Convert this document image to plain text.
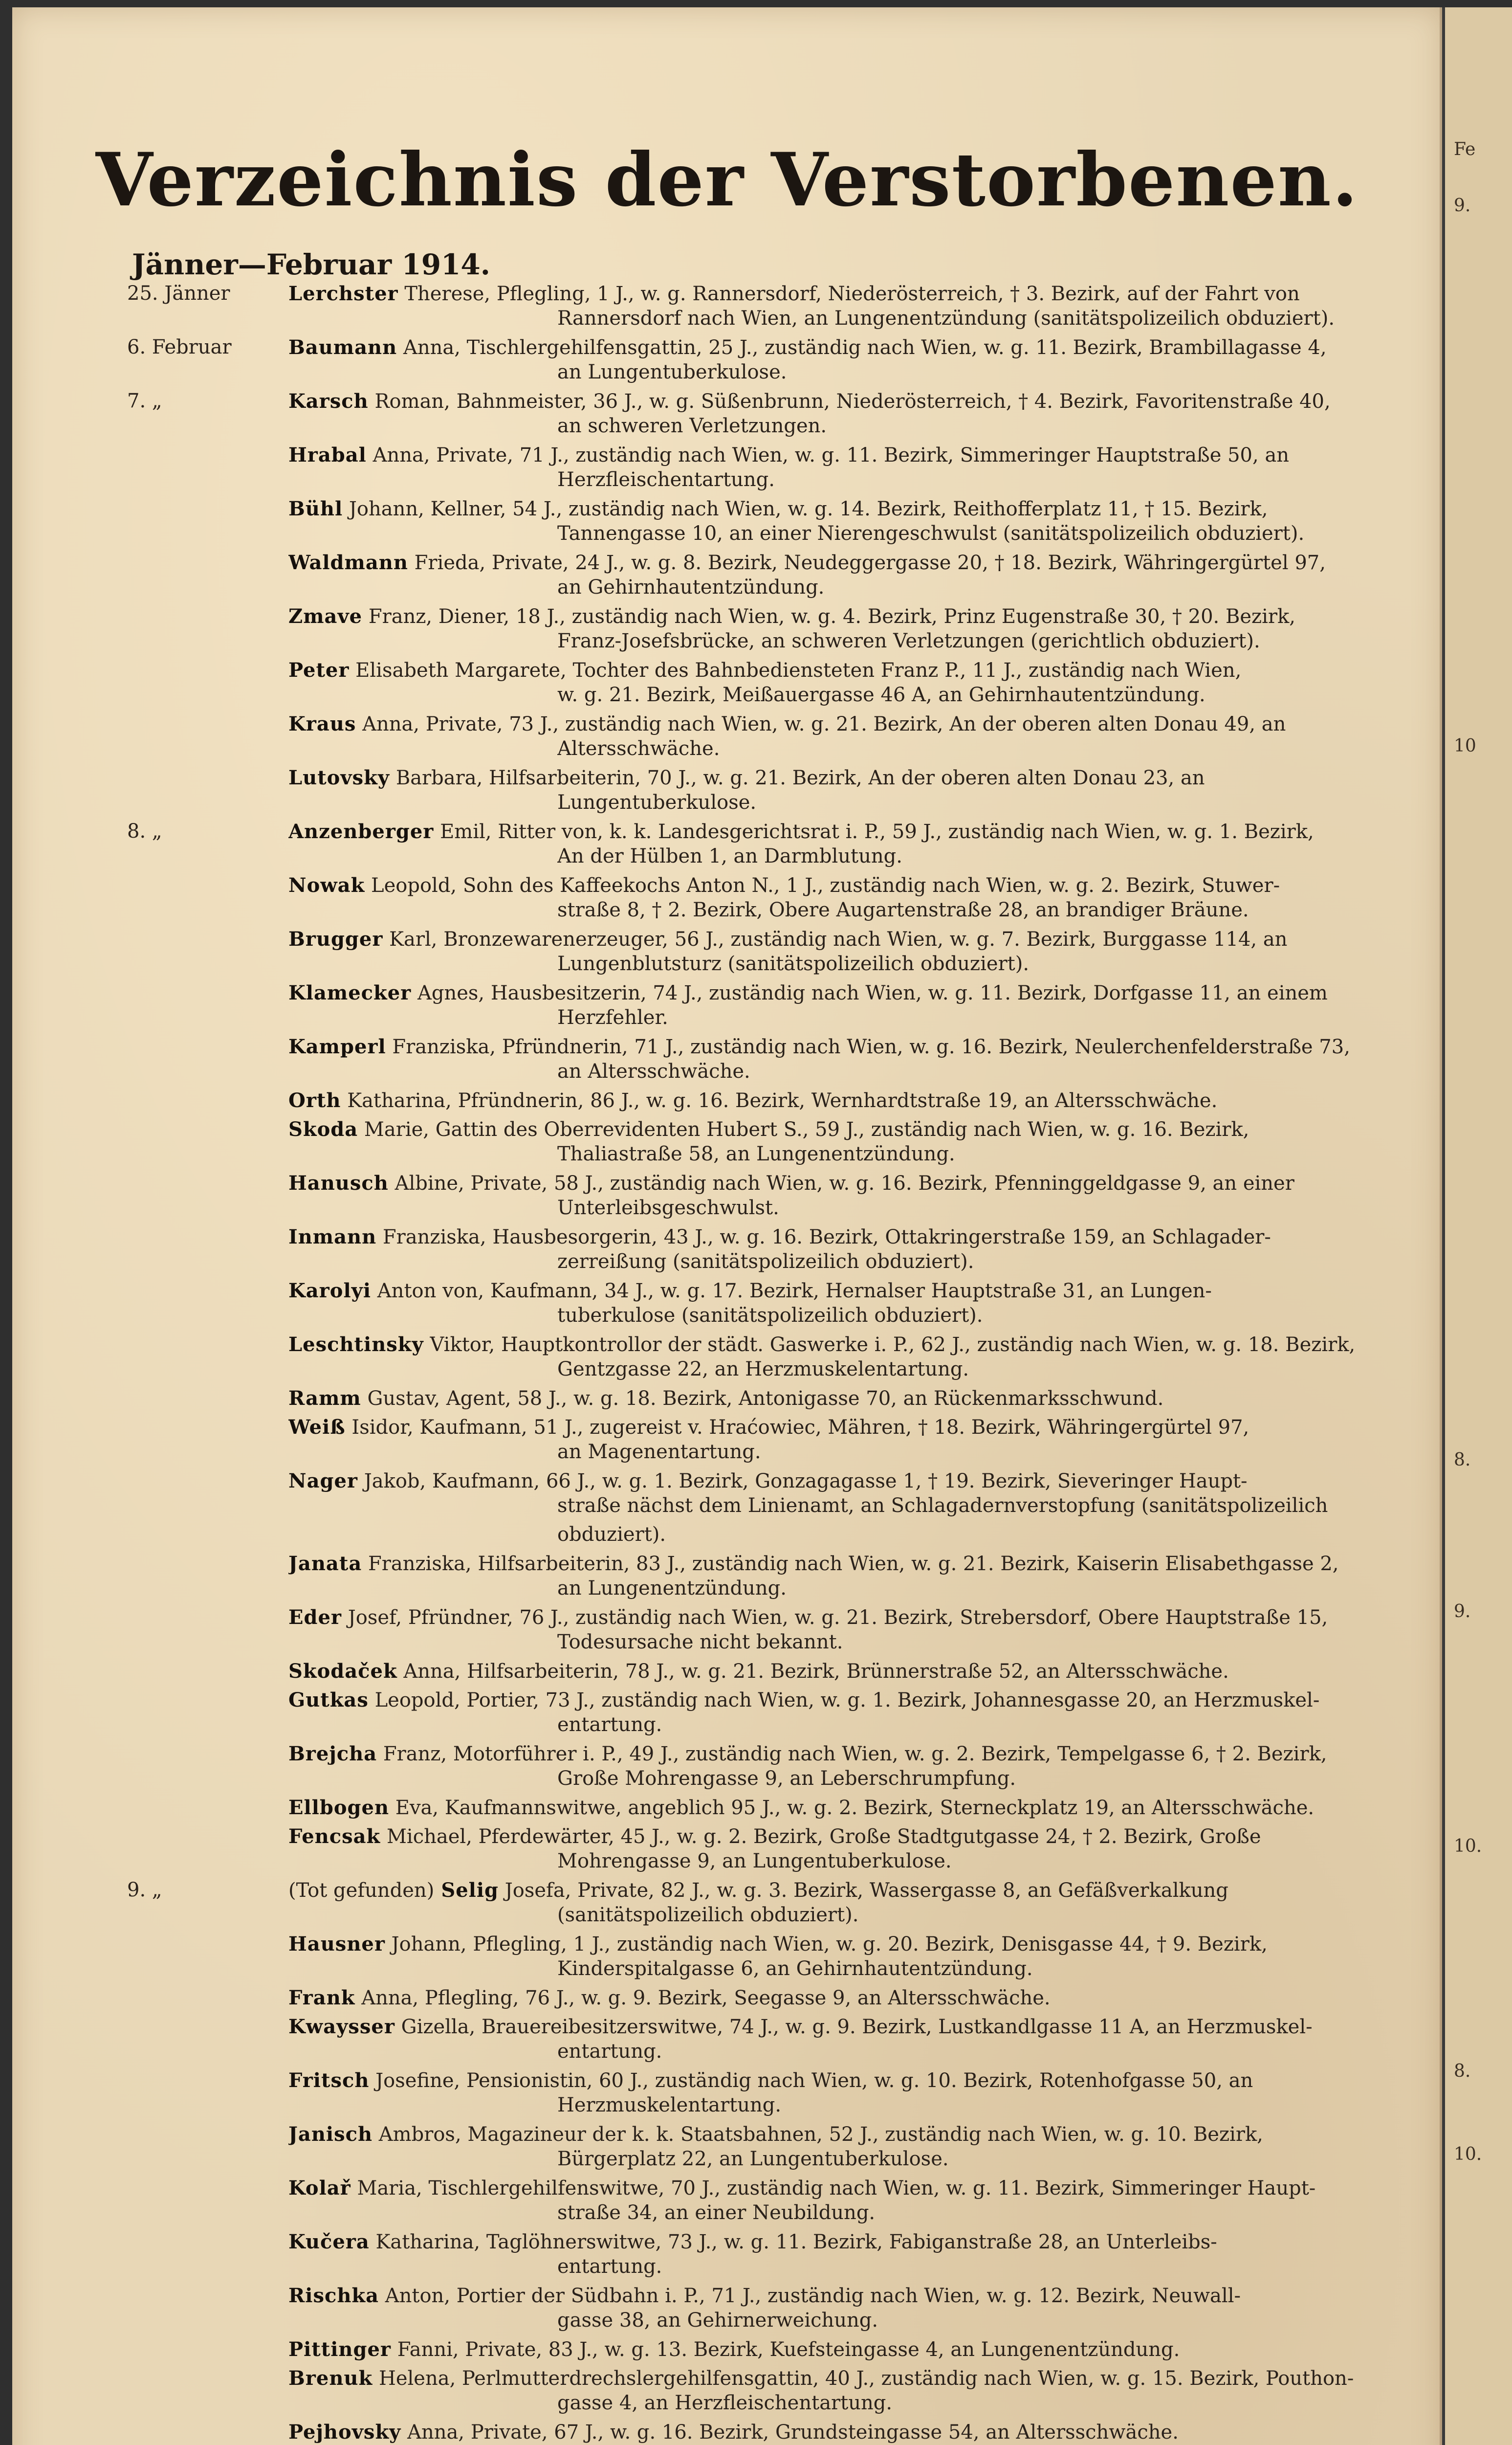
Verzeichnis der Verstorbenen.
Jänner—Februar 1914.
25. Jänner	Lerchster Therese, Pflegling, 1 J., w. g. Rannersdorf, Niederösterreich, † 3. Bezirk, auf der Fahrt von
Rannersdorf nach Wien, an Lungenentzündung (sanitätspolizeilich obduziert).
6. Februar	Baumann Anna, Tischlergehilfensgattin, 25 J., zuständig nach Wien, w. g. 11. Bezirk, Brambillagasse 4,
an Lungentuberkulose.
7. „	Karsch Roman, Bahnmeister, 36 J., w. g. Süßenbrunn, Niederösterreich, † 4. Bezirk, Favoritenstraße 40,
an schweren Verletzungen.
Hrabal Anna, Private, 71 J., zuständig nach Wien, w. g. 11. Bezirk, Simmeringer Hauptstraße 50, an
Herzfleischentartung.
Bühl Johann, Kellner, 54 J., zuständig nach Wien, w. g. 14. Bezirk, Reithofferplatz 11, † 15. Bezirk,
Tannengasse 10, an einer Nierengeschwulst (sanitätspolizeilich obduziert).
Waldmann Frieda, Private, 24 J., w. g. 8. Bezirk, Neudeggergasse 20, † 18. Bezirk, Währingergürtel 97,
an Gehirnhautentzündung.
Zmave Franz, Diener, 18 J., zuständig nach Wien, w. g. 4. Bezirk, Prinz Eugenstraße 30, † 20. Bezirk,
Franz-Josefsbrücke, an schweren Verletzungen (gerichtlich obduziert).
Peter Elisabeth Margarete, Tochter des Bahnbediensteten Franz P., 11 J., zuständig nach Wien,
w. g. 21. Bezirk, Meißauergasse 46 A, an Gehirnhautentzündung.
Kraus Anna, Private, 73 J., zuständig nach Wien, w. g. 21. Bezirk, An der oberen alten Donau 49, an
Altersschwäche.
Lutovsky Barbara, Hilfsarbeiterin, 70 J., w. g. 21. Bezirk, An der oberen alten Donau 23, an
Lungentuberkulose.
8. „	Anzenberger Emil, Ritter von, k. k. Landesgerichtsrat i. P., 59 J., zuständig nach Wien, w. g. 1. Bezirk,
An der Hülben 1, an Darmblutung.
Nowak Leopold, Sohn des Kaffeekochs Anton N., 1 J., zuständig nach Wien, w. g. 2. Bezirk, Stuwer-
straße 8, † 2. Bezirk, Obere Augartenstraße 28, an brandiger Bräune.
Brugger Karl, Bronzewarenerzeuger, 56 J., zuständig nach Wien, w. g. 7. Bezirk, Burggasse 114, an
Lungenblutsturz (sanitätspolizeilich obduziert).
Klamecker Agnes, Hausbesitzerin, 74 J., zuständig nach Wien, w. g. 11. Bezirk, Dorfgasse 11, an einem
Herzfehler.
Kamperl Franziska, Pfründnerin, 71 J., zuständig nach Wien, w. g. 16. Bezirk, Neulerchenfelderstraße 73,
an Altersschwäche.
Orth Katharina, Pfründnerin, 86 J., w. g. 16. Bezirk, Wernhardtstraße 19, an Altersschwäche.
Skoda Marie, Gattin des Oberrevidenten Hubert S., 59 J., zuständig nach Wien, w. g. 16. Bezirk,
Thaliastraße 58, an Lungenentzündung.
Hanusch Albine, Private, 58 J., zuständig nach Wien, w. g. 16. Bezirk, Pfenninggeldgasse 9, an einer
Unterleibsgeschwulst.
Inmann Franziska, Hausbesorgerin, 43 J., w. g. 16. Bezirk, Ottakringerstraße 159, an Schlagader-
zerreißung (sanitätspolizeilich obduziert).
Karolyi Anton von, Kaufmann, 34 J., w. g. 17. Bezirk, Hernalser Hauptstraße 31, an Lungen-
tuberkulose (sanitätspolizeilich obduziert).
Leschtinsky Viktor, Hauptkontrollor der städt. Gaswerke i. P., 62 J., zuständig nach Wien, w. g. 18. Bezirk,
Gentzgasse 22, an Herzmuskelentartung.
Ramm Gustav, Agent, 58 J., w. g. 18. Bezirk, Antonigasse 70, an Rückenmarksschwund.
Weiß Isidor, Kaufmann, 51 J., zugereist v. Hraćowiec, Mähren, † 18. Bezirk, Währingergürtel 97,
an Magenentartung.
Nager Jakob, Kaufmann, 66 J., w. g. 1. Bezirk, Gonzagagasse 1, † 19. Bezirk, Sieveringer Haupt-
straße nächst dem Linienamt, an Schlagadernverstopfung (sanitätspolizeilich
obduziert).
Janata Franziska, Hilfsarbeiterin, 83 J., zuständig nach Wien, w. g. 21. Bezirk, Kaiserin Elisabethgasse 2,
an Lungenentzündung.
Eder Josef, Pfründner, 76 J., zuständig nach Wien, w. g. 21. Bezirk, Strebersdorf, Obere Hauptstraße 15,
Todesursache nicht bekannt.
Skodaček Anna, Hilfsarbeiterin, 78 J., w. g. 21. Bezirk, Brünnerstraße 52, an Altersschwäche.
Gutkas Leopold, Portier, 73 J., zuständig nach Wien, w. g. 1. Bezirk, Johannesgasse 20, an Herzmuskel-
entartung.
Brejcha Franz, Motorführer i. P., 49 J., zuständig nach Wien, w. g. 2. Bezirk, Tempelgasse 6, † 2. Bezirk,
Große Mohrengasse 9, an Leberschrumpfung.
Ellbogen Eva, Kaufmannswitwe, angeblich 95 J., w. g. 2. Bezirk, Sterneckplatz 19, an Altersschwäche.
Fencsak Michael, Pferdewärter, 45 J., w. g. 2. Bezirk, Große Stadtgutgasse 24, † 2. Bezirk, Große
Mohrengasse 9, an Lungentuberkulose.
9. „	(Tot gefunden) Selig Josefa, Private, 82 J., w. g. 3. Bezirk, Wassergasse 8, an Gefäßverkalkung
(sanitätspolizeilich obduziert).
Hausner Johann, Pflegling, 1 J., zuständig nach Wien, w. g. 20. Bezirk, Denisgasse 44, † 9. Bezirk,
Kinderspitalgasse 6, an Gehirnhautentzündung.
Frank Anna, Pflegling, 76 J., w. g. 9. Bezirk, Seegasse 9, an Altersschwäche.
Kwaysser Gizella, Brauereibesitzerswitwe, 74 J., w. g. 9. Bezirk, Lustkandlgasse 11 A, an Herzmuskel-
entartung.
Fritsch Josefine, Pensionistin, 60 J., zuständig nach Wien, w. g. 10. Bezirk, Rotenhofgasse 50, an
Herzmuskelentartung.
Janisch Ambros, Magazineur der k. k. Staatsbahnen, 52 J., zuständig nach Wien, w. g. 10. Bezirk,
Bürgerplatz 22, an Lungentuberkulose.
Kolař Maria, Tischlergehilfenswitwe, 70 J., zuständig nach Wien, w. g. 11. Bezirk, Simmeringer Haupt-
straße 34, an einer Neubildung.
Kučera Katharina, Taglöhnerswitwe, 73 J., w. g. 11. Bezirk, Fabiganstraße 28, an Unterleibs-
entartung.
Rischka Anton, Portier der Südbahn i. P., 71 J., zuständig nach Wien, w. g. 12. Bezirk, Neuwall-
gasse 38, an Gehirnerweichung.
Pittinger Fanni, Private, 83 J., w. g. 13. Bezirk, Kuefsteingasse 4, an Lungenentzündung.
Brenuk Helena, Perlmutterdrechslergehilfensgattin, 40 J., zuständig nach Wien, w. g. 15. Bezirk, Pouthon-
gasse 4, an Herzfleischentartung.
Pejhovsky Anna, Private, 67 J., w. g. 16. Bezirk, Grundsteingasse 54, an Altersschwäche.
Fe
9.
10
8.
9.
10.
8.
10.
